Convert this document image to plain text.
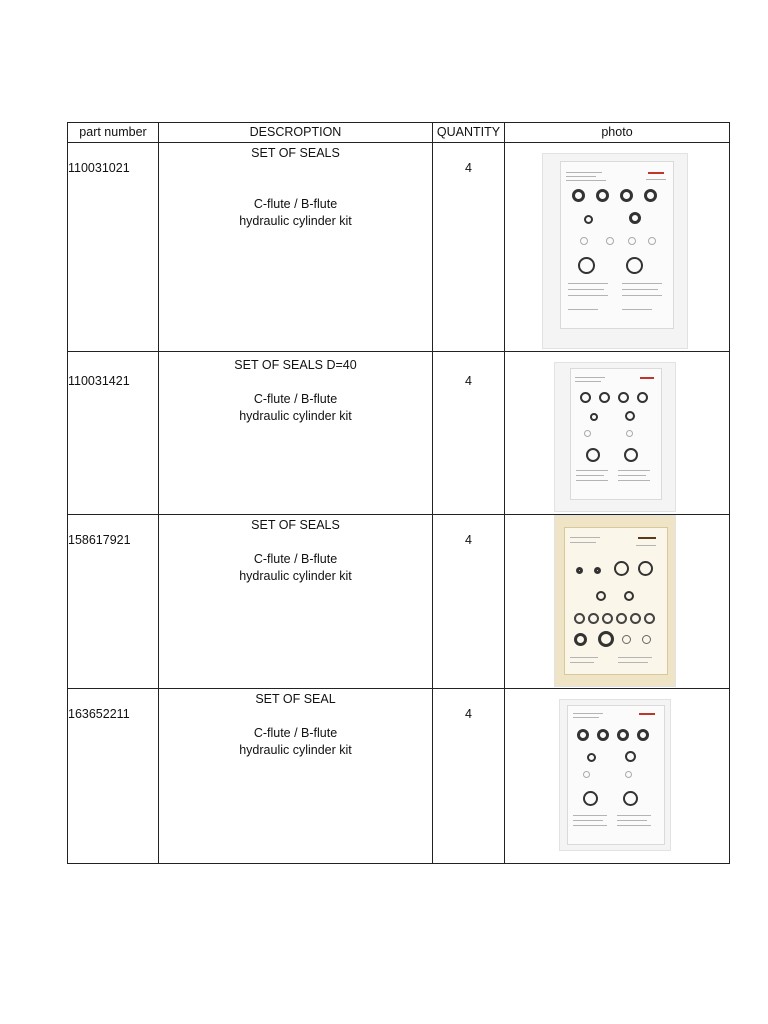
part number	DESCROPTION	QUANTITY	photo

110031021	SET OF SEALS
C-flute / B-flute
hydraulic cylinder kit	4	

110031421	SET OF SEALS D=40
C-flute / B-flute
hydraulic cylinder kit	4	

158617921	SET OF SEALS
C-flute / B-flute
hydraulic cylinder kit	4	

163652211	SET OF SEAL
C-flute / B-flute
hydraulic cylinder kit	4	
